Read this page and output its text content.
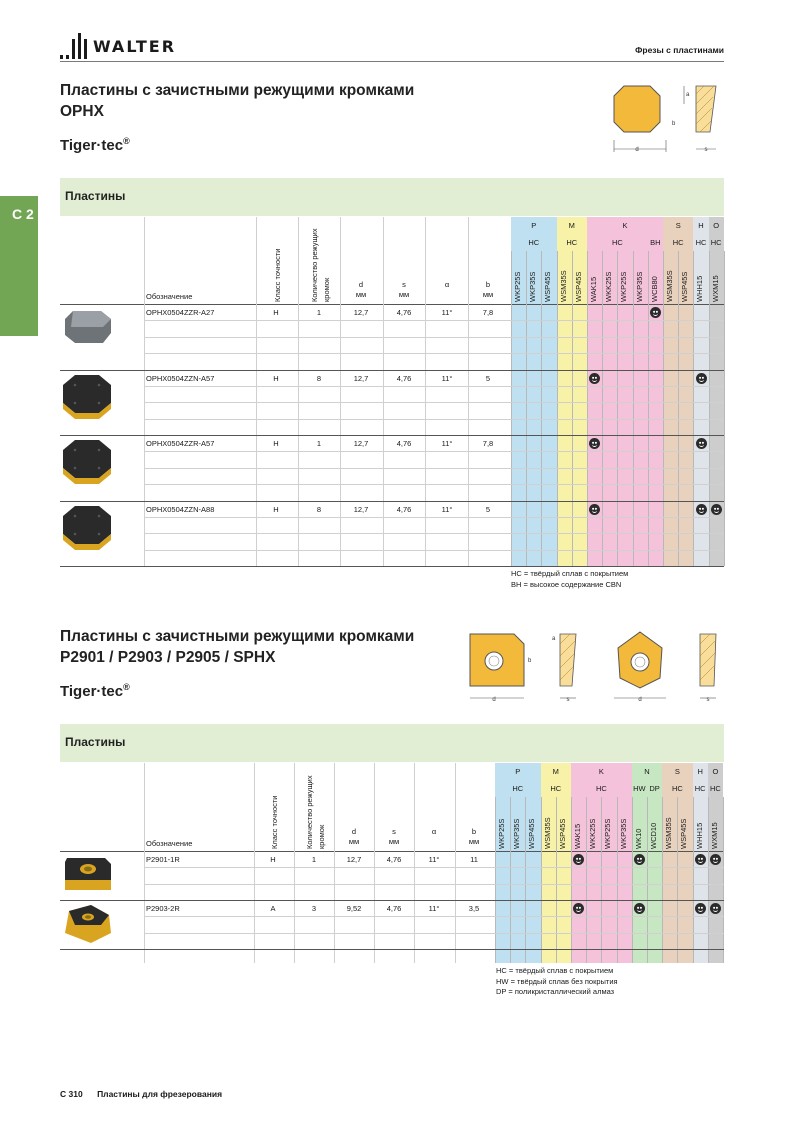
WALTER	Фрезы с пластинами
C 2
Пластины с зачистными режущими кромками
OPHX
Tiger·tec®
d
b
a
s
Пластины
P	M	K	S	H	O
HC	HC	HC	BH	HC	HC HC
WKP25S WKP35S WSP45S WSM35S WSP45S WAK15 WKK25S WKP25S WKP35S WCB80 WSM35S WSP45S WHH15 WXM15
Обозначение	Класс точности	Количество режущих кромок	d
мм
s
мм
α	b
мм
OPHX0504ZZR-A27	H	1	12,7	4,76	11°	7,8
OPHX0504ZZN-A57	H	8	12,7	4,76	11°	5
OPHX0504ZZR-A57	H	1	12,7	4,76	11°	7,8
OPHX0504ZZN-A88	H	8	12,7	4,76	11°	5
HC = твёрдый сплав с покрытием
BH = высокое содержание CBN
Пластины с зачистными режущими кромками
P2901 / P2903 / P2905 / SPHX
Tiger·tec®
d
b
a
s	d	s
Пластины
P	M	K	N	S	H	O
HC	HC	HC	HW DP	HC	HC HC
WKP25S WKP35S WSP45S WSM35S WSP45S WAK15 WKK25S WKP25S WKP35S WK10 WCD10 WSM35S WSP45S WHH15 WXM15
Обозначение	Класс точности	Количество режущих кромок	d
мм
s
мм
α	b
мм
P2901-1R	H	1	12,7	4,76	11°	11
P2903-2R	A	3	9,52	4,76	11°	3,5
HC = твёрдый сплав с покрытием
HW = твёрдый сплав без покрытия
DP = поликристаллический алмаз
C 310 Пластины для фрезерования
